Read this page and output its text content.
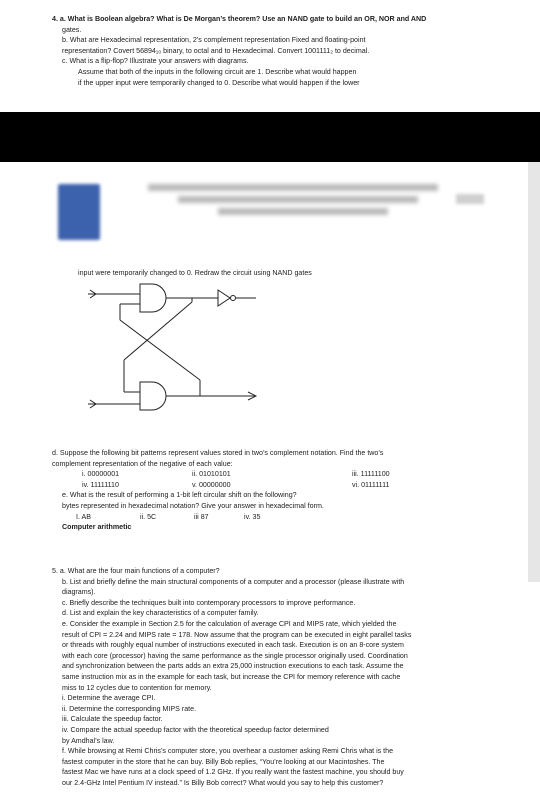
4. a. What is Boolean algebra? What is De Morgan’s theorem? Use an NAND gate to build an OR, NOR and AND

gates.

b. What are Hexadecimal representation, 2’s complement representation Fixed and floating-point

representation? Covert 56894₁₀ binary, to octal and to Hexadecimal. Convert 1001111₂ to decimal.

c. What is a flip-flop? Illustrate your answers with diagrams.

Assume that both of the inputs in the following circuit are 1. Describe what would happen

if the upper input were temporarily changed to 0. Describe what would happen if the lower

input were temporarily changed to 0. Redraw the circuit using NAND gates

d. Suppose the following bit patterns represent values stored in two’s complement notation. Find the two’s

complement representation of the negative of each value:

i. 00000001	ii. 01010101	iii. 11111100
iv. 11111110	v. 00000000	vi. 01111111

e. What is the result of performing a 1-bit left circular shift on the following?

bytes represented in hexadecimal notation? Give your answer in hexadecimal form.

I. AB	ii. 5C	iii 87	iv. 35

Computer arithmetic

5. a. What are the four main functions of a computer?

b. List and briefly define the main structural components of a computer and a processor (please illustrate with

diagrams).

c. Briefly describe the techniques built into contemporary processors to improve performance.

d. List and explain the key characteristics of a computer family.

e. Consider the example in Section 2.5 for the calculation of average CPI and MIPS rate, which yielded the

result of CPI = 2.24 and MIPS rate = 178. Now assume that the program can be executed in eight parallel tasks

or threads with roughly equal number of instructions executed in each task. Execution is on an 8-core system

with each core (processor) having the same performance as the single processor originally used. Coordination

and synchronization between the parts adds an extra 25,000 instruction executions to each task. Assume the

same instruction mix as in the example for each task, but increase the CPI for memory reference with cache

miss to 12 cycles due to contention for memory.

i. Determine the average CPI.

ii. Determine the corresponding MIPS rate.

iii. Calculate the speedup factor.

iv. Compare the actual speedup factor with the theoretical speedup factor determined

by Amdhal’s law.

f. While browsing at Remi Chris’s computer store, you overhear a customer asking Remi Chris what is the

fastest computer in the store that he can buy. Billy Bob replies, “You’re looking at our Macintoshes. The

fastest Mac we have runs at a clock speed of 1.2 GHz. If you really want the fastest machine, you should buy

our 2.4-GHz Intel Pentium IV instead.” Is Billy Bob correct? What would you say to help this customer?
